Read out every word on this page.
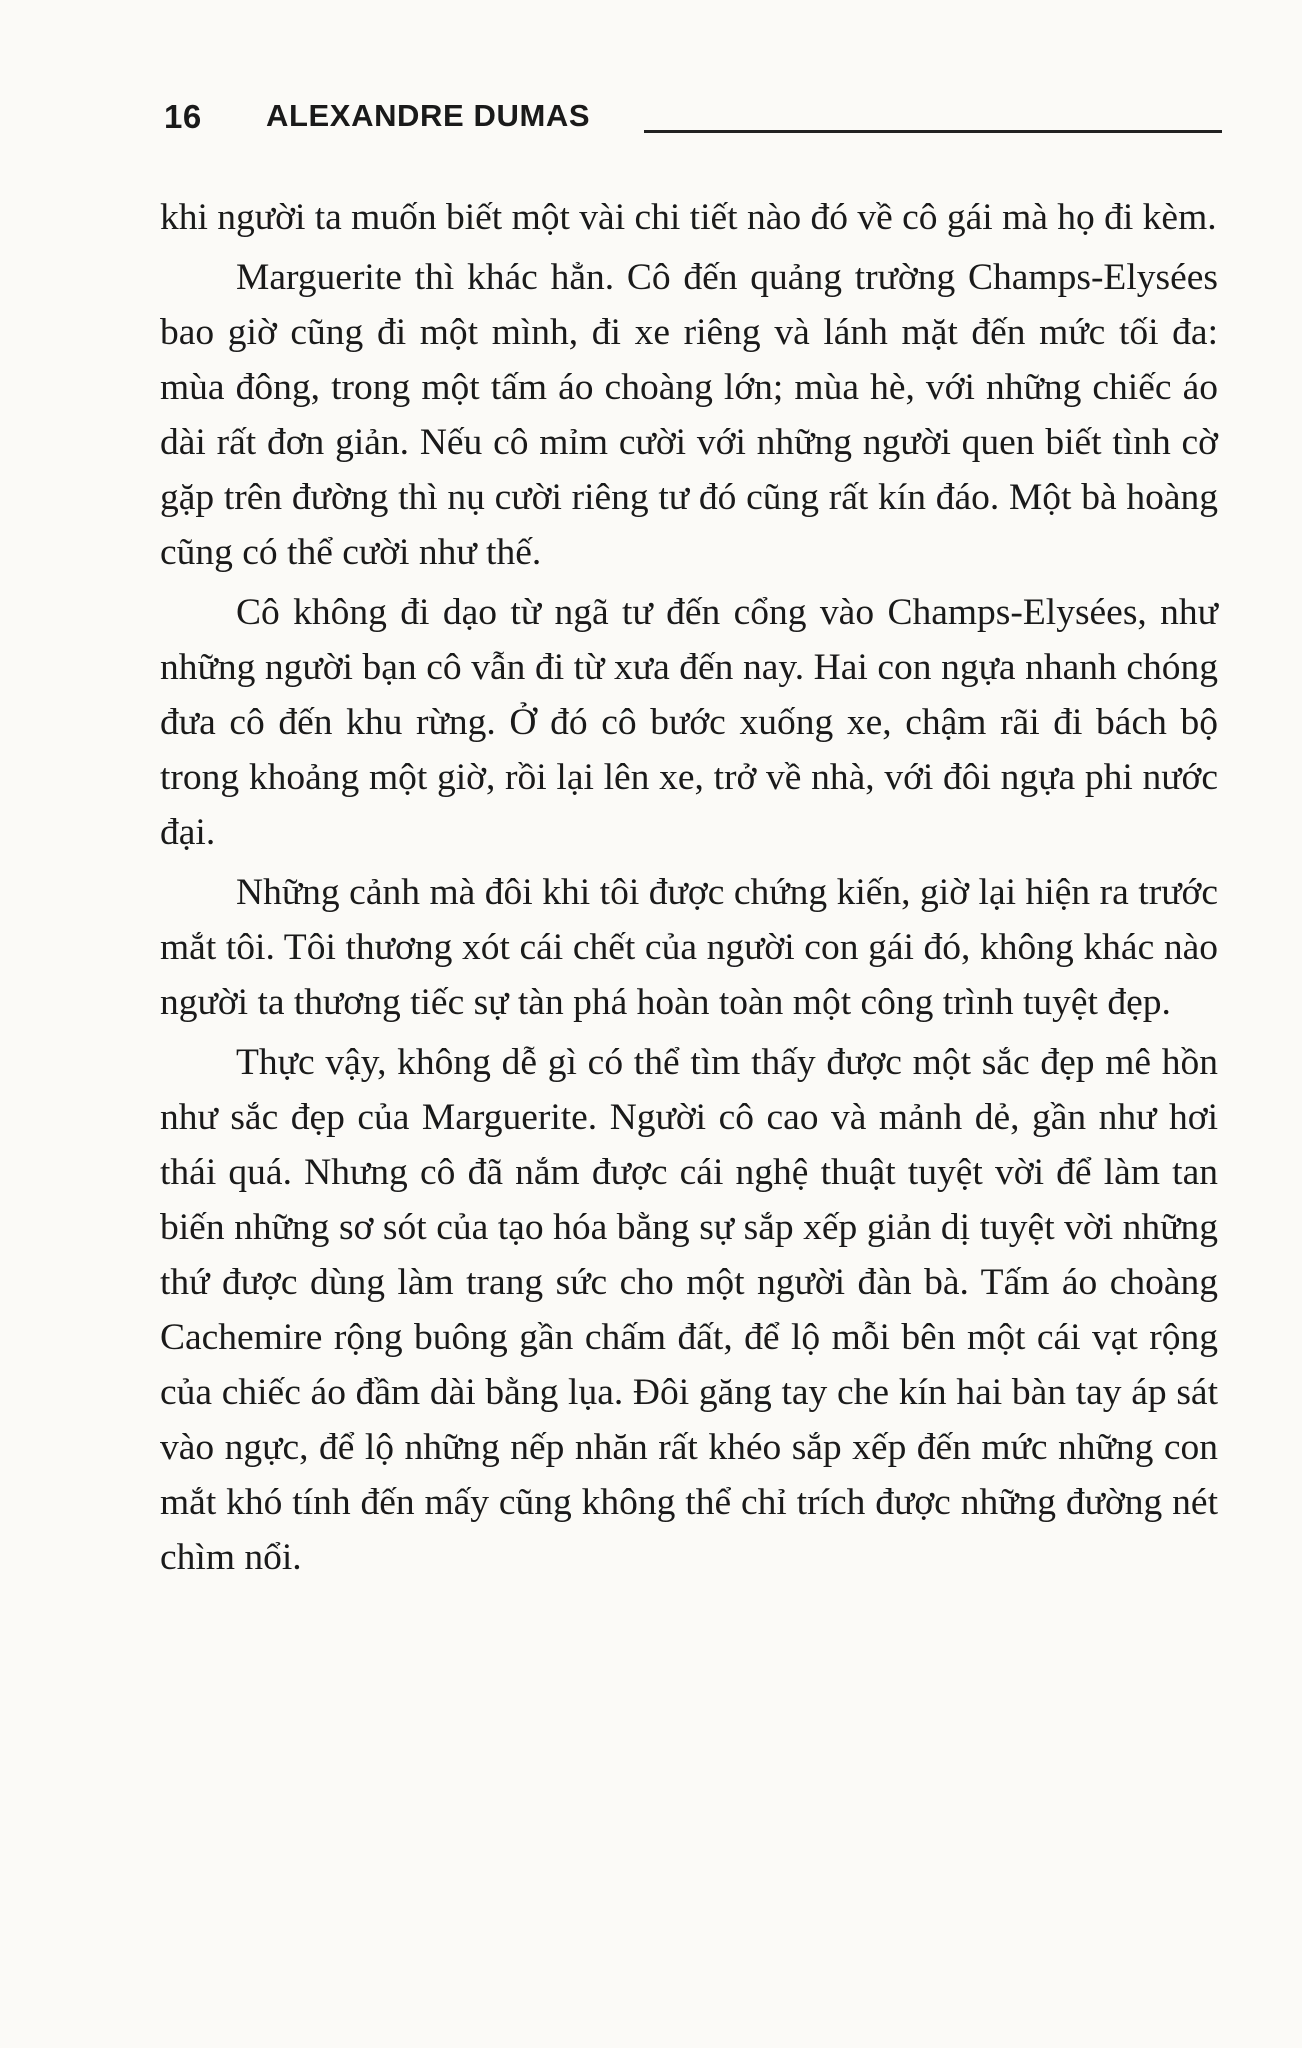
16 ALEXANDRE DUMAS

khi người ta muốn biết một vài chi tiết nào đó về cô gái mà họ đi kèm.

Marguerite thì khác hẳn. Cô đến quảng trường Champs-Elysées bao giờ cũng đi một mình, đi xe riêng và lánh mặt đến mức tối đa: mùa đông, trong một tấm áo choàng lớn; mùa hè, với những chiếc áo dài rất đơn giản. Nếu cô mỉm cười với những người quen biết tình cờ gặp trên đường thì nụ cười riêng tư đó cũng rất kín đáo. Một bà hoàng cũng có thể cười như thế.

Cô không đi dạo từ ngã tư đến cổng vào Champs-Elysées, như những người bạn cô vẫn đi từ xưa đến nay. Hai con ngựa nhanh chóng đưa cô đến khu rừng. Ở đó cô bước xuống xe, chậm rãi đi bách bộ trong khoảng một giờ, rồi lại lên xe, trở về nhà, với đôi ngựa phi nước đại.

Những cảnh mà đôi khi tôi được chứng kiến, giờ lại hiện ra trước mắt tôi. Tôi thương xót cái chết của người con gái đó, không khác nào người ta thương tiếc sự tàn phá hoàn toàn một công trình tuyệt đẹp.

Thực vậy, không dễ gì có thể tìm thấy được một sắc đẹp mê hồn như sắc đẹp của Marguerite. Người cô cao và mảnh dẻ, gần như hơi thái quá. Nhưng cô đã nắm được cái nghệ thuật tuyệt vời để làm tan biến những sơ sót của tạo hóa bằng sự sắp xếp giản dị tuyệt vời những thứ được dùng làm trang sức cho một người đàn bà. Tấm áo choàng Cachemire rộng buông gần chấm đất, để lộ mỗi bên một cái vạt rộng của chiếc áo đầm dài bằng lụa. Đôi găng tay che kín hai bàn tay áp sát vào ngực, để lộ những nếp nhăn rất khéo sắp xếp đến mức những con mắt khó tính đến mấy cũng không thể chỉ trích được những đường nét chìm nổi.
